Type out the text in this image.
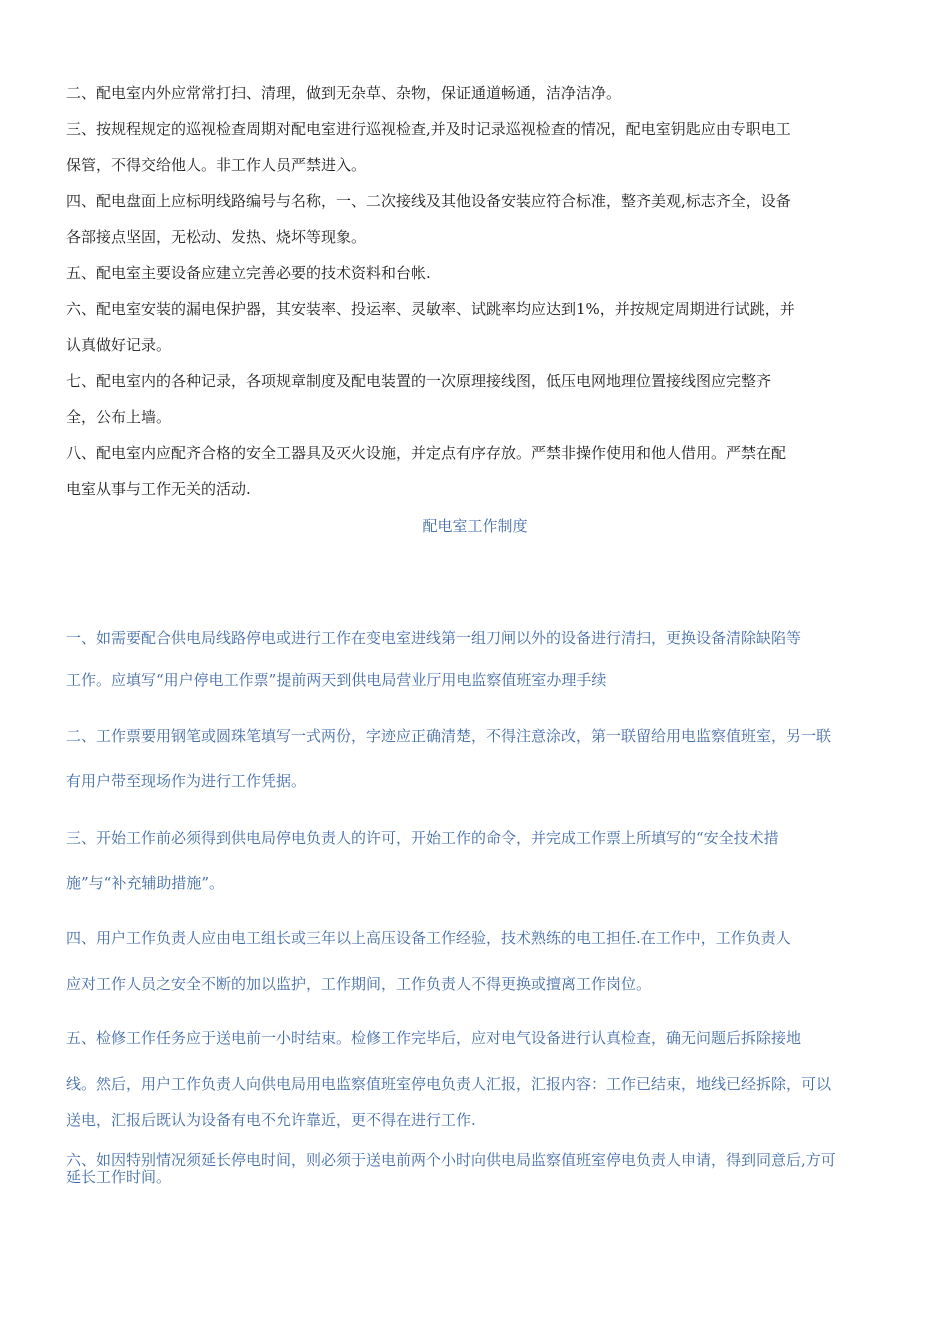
二、配电室内外应常常打扫、清理，做到无杂草、杂物，保证通道畅通，洁净洁净。
三、按规程规定的巡视检查周期对配电室进行巡视检查,并及时记录巡视检查的情况，配电室钥匙应由专职电工
保管，不得交给他人。非工作人员严禁进入。
四、配电盘面上应标明线路编号与名称，一、二次接线及其他设备安装应符合标准，整齐美观,标志齐全，设备
各部接点坚固，无松动、发热、烧坏等现象。
五、配电室主要设备应建立完善必要的技术资料和台帐.
六、配电室安装的漏电保护器，其安装率、投运率、灵敏率、试跳率均应达到1%，并按规定周期进行试跳，并
认真做好记录。
七、配电室内的各种记录，各项规章制度及配电装置的一次原理接线图，低压电网地理位置接线图应完整齐
全，公布上墙。
八、配电室内应配齐合格的安全工器具及灭火设施，并定点有序存放。严禁非操作使用和他人借用。严禁在配
电室从事与工作无关的活动.
配电室工作制度
一、如需要配合供电局线路停电或进行工作在变电室进线第一组刀闸以外的设备进行清扫，更换设备清除缺陷等
工作。应填写“用户停电工作票”提前两天到供电局营业厅用电监察值班室办理手续
二、工作票要用钢笔或圆珠笔填写一式两份，字迹应正确清楚，不得注意涂改，第一联留给用电监察值班室，另一联
有用户带至现场作为进行工作凭据。
三、开始工作前必须得到供电局停电负责人的许可，开始工作的命令，并完成工作票上所填写的“安全技术措
施”与“补充辅助措施”。
四、用户工作负责人应由电工组长或三年以上高压设备工作经验，技术熟练的电工担任.在工作中，工作负责人
应对工作人员之安全不断的加以监护，工作期间，工作负责人不得更换或擅离工作岗位。
五、检修工作任务应于送电前一小时结束。检修工作完毕后，应对电气设备进行认真检查，确无问题后拆除接地
线。然后，用户工作负责人向供电局用电监察值班室停电负责人汇报，汇报内容：工作已结束，地线已经拆除，可以
送电，汇报后既认为设备有电不允许靠近，更不得在进行工作.
六、如因特别情况须延长停电时间，则必须于送电前两个小时向供电局监察值班室停电负责人申请，得到同意后,方可
延长工作时间。
